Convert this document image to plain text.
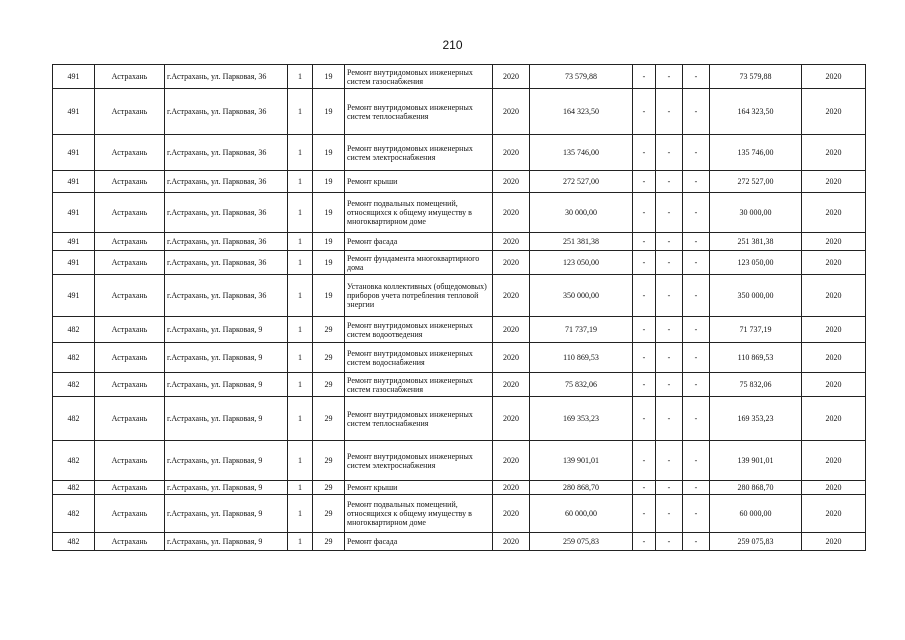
210
491	Астрахань	г.Астрахань, ул. Парковая, 36	1	19	Ремонт внутридомовых инженерных систем газоснабжения	2020	73 579,88	-	-	-	73 579,88	2020
491	Астрахань	г.Астрахань, ул. Парковая, 36	1	19	Ремонт внутридомовых инженерных систем теплоснабжения	2020	164 323,50	-	-	-	164 323,50	2020
491	Астрахань	г.Астрахань, ул. Парковая, 36	1	19	Ремонт внутридомовых инженерных систем электроснабжения	2020	135 746,00	-	-	-	135 746,00	2020
491	Астрахань	г.Астрахань, ул. Парковая, 36	1	19	Ремонт крыши	2020	272 527,00	-	-	-	272 527,00	2020
491	Астрахань	г.Астрахань, ул. Парковая, 36	1	19	Ремонт подвальных помещений, относящихся к общему имуществу в многоквартирном доме	2020	30 000,00	-	-	-	30 000,00	2020
491	Астрахань	г.Астрахань, ул. Парковая, 36	1	19	Ремонт фасада	2020	251 381,38	-	-	-	251 381,38	2020
491	Астрахань	г.Астрахань, ул. Парковая, 36	1	19	Ремонт фундамента многоквартирного дома	2020	123 050,00	-	-	-	123 050,00	2020
491	Астрахань	г.Астрахань, ул. Парковая, 36	1	19	Установка коллективных (общедомовых) приборов учета потребления тепловой энергии	2020	350 000,00	-	-	-	350 000,00	2020
482	Астрахань	г.Астрахань, ул. Парковая, 9	1	29	Ремонт внутридомовых инженерных систем водоотведения	2020	71 737,19	-	-	-	71 737,19	2020
482	Астрахань	г.Астрахань, ул. Парковая, 9	1	29	Ремонт внутридомовых инженерных систем водоснабжения	2020	110 869,53	-	-	-	110 869,53	2020
482	Астрахань	г.Астрахань, ул. Парковая, 9	1	29	Ремонт внутридомовых инженерных систем газоснабжения	2020	75 832,06	-	-	-	75 832,06	2020
482	Астрахань	г.Астрахань, ул. Парковая, 9	1	29	Ремонт внутридомовых инженерных систем теплоснабжения	2020	169 353,23	-	-	-	169 353,23	2020
482	Астрахань	г.Астрахань, ул. Парковая, 9	1	29	Ремонт внутридомовых инженерных систем электроснабжения	2020	139 901,01	-	-	-	139 901,01	2020
482	Астрахань	г.Астрахань, ул. Парковая, 9	1	29	Ремонт крыши	2020	280 868,70	-	-	-	280 868,70	2020
482	Астрахань	г.Астрахань, ул. Парковая, 9	1	29	Ремонт подвальных помещений, относящихся к общему имуществу в многоквартирном доме	2020	60 000,00	-	-	-	60 000,00	2020
482	Астрахань	г.Астрахань, ул. Парковая, 9	1	29	Ремонт фасада	2020	259 075,83	-	-	-	259 075,83	2020
